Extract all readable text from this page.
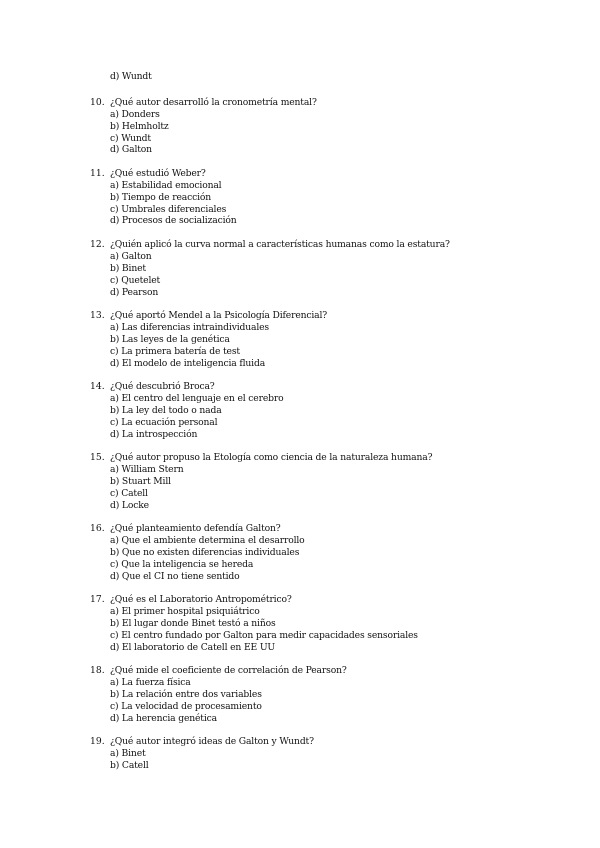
d) Wundt
10. ¿Qué autor desarrolló la cronometría mental?
a) Donders
b) Helmholtz
c) Wundt
d) Galton
11. ¿Qué estudió Weber?
a) Estabilidad emocional
b) Tiempo de reacción
c) Umbrales diferenciales
d) Procesos de socialización
12. ¿Quién aplicó la curva normal a características humanas como la estatura?
a) Galton
b) Binet
c) Quetelet
d) Pearson
13. ¿Qué aportó Mendel a la Psicología Diferencial?
a) Las diferencias intraindividuales
b) Las leyes de la genética
c) La primera batería de test
d) El modelo de inteligencia fluida
14. ¿Qué descubrió Broca?
a) El centro del lenguaje en el cerebro
b) La ley del todo o nada
c) La ecuación personal
d) La introspección
15. ¿Qué autor propuso la Etología como ciencia de la naturaleza humana?
a) William Stern
b) Stuart Mill
c) Catell
d) Locke
16. ¿Qué planteamiento defendía Galton?
a) Que el ambiente determina el desarrollo
b) Que no existen diferencias individuales
c) Que la inteligencia se hereda
d) Que el CI no tiene sentido
17. ¿Qué es el Laboratorio Antropométrico?
a) El primer hospital psiquiátrico
b) El lugar donde Binet testó a niños
c) El centro fundado por Galton para medir capacidades sensoriales
d) El laboratorio de Catell en EE UU
18. ¿Qué mide el coeficiente de correlación de Pearson?
a) La fuerza física
b) La relación entre dos variables
c) La velocidad de procesamiento
d) La herencia genética
19. ¿Qué autor integró ideas de Galton y Wundt?
a) Binet
b) Catell
